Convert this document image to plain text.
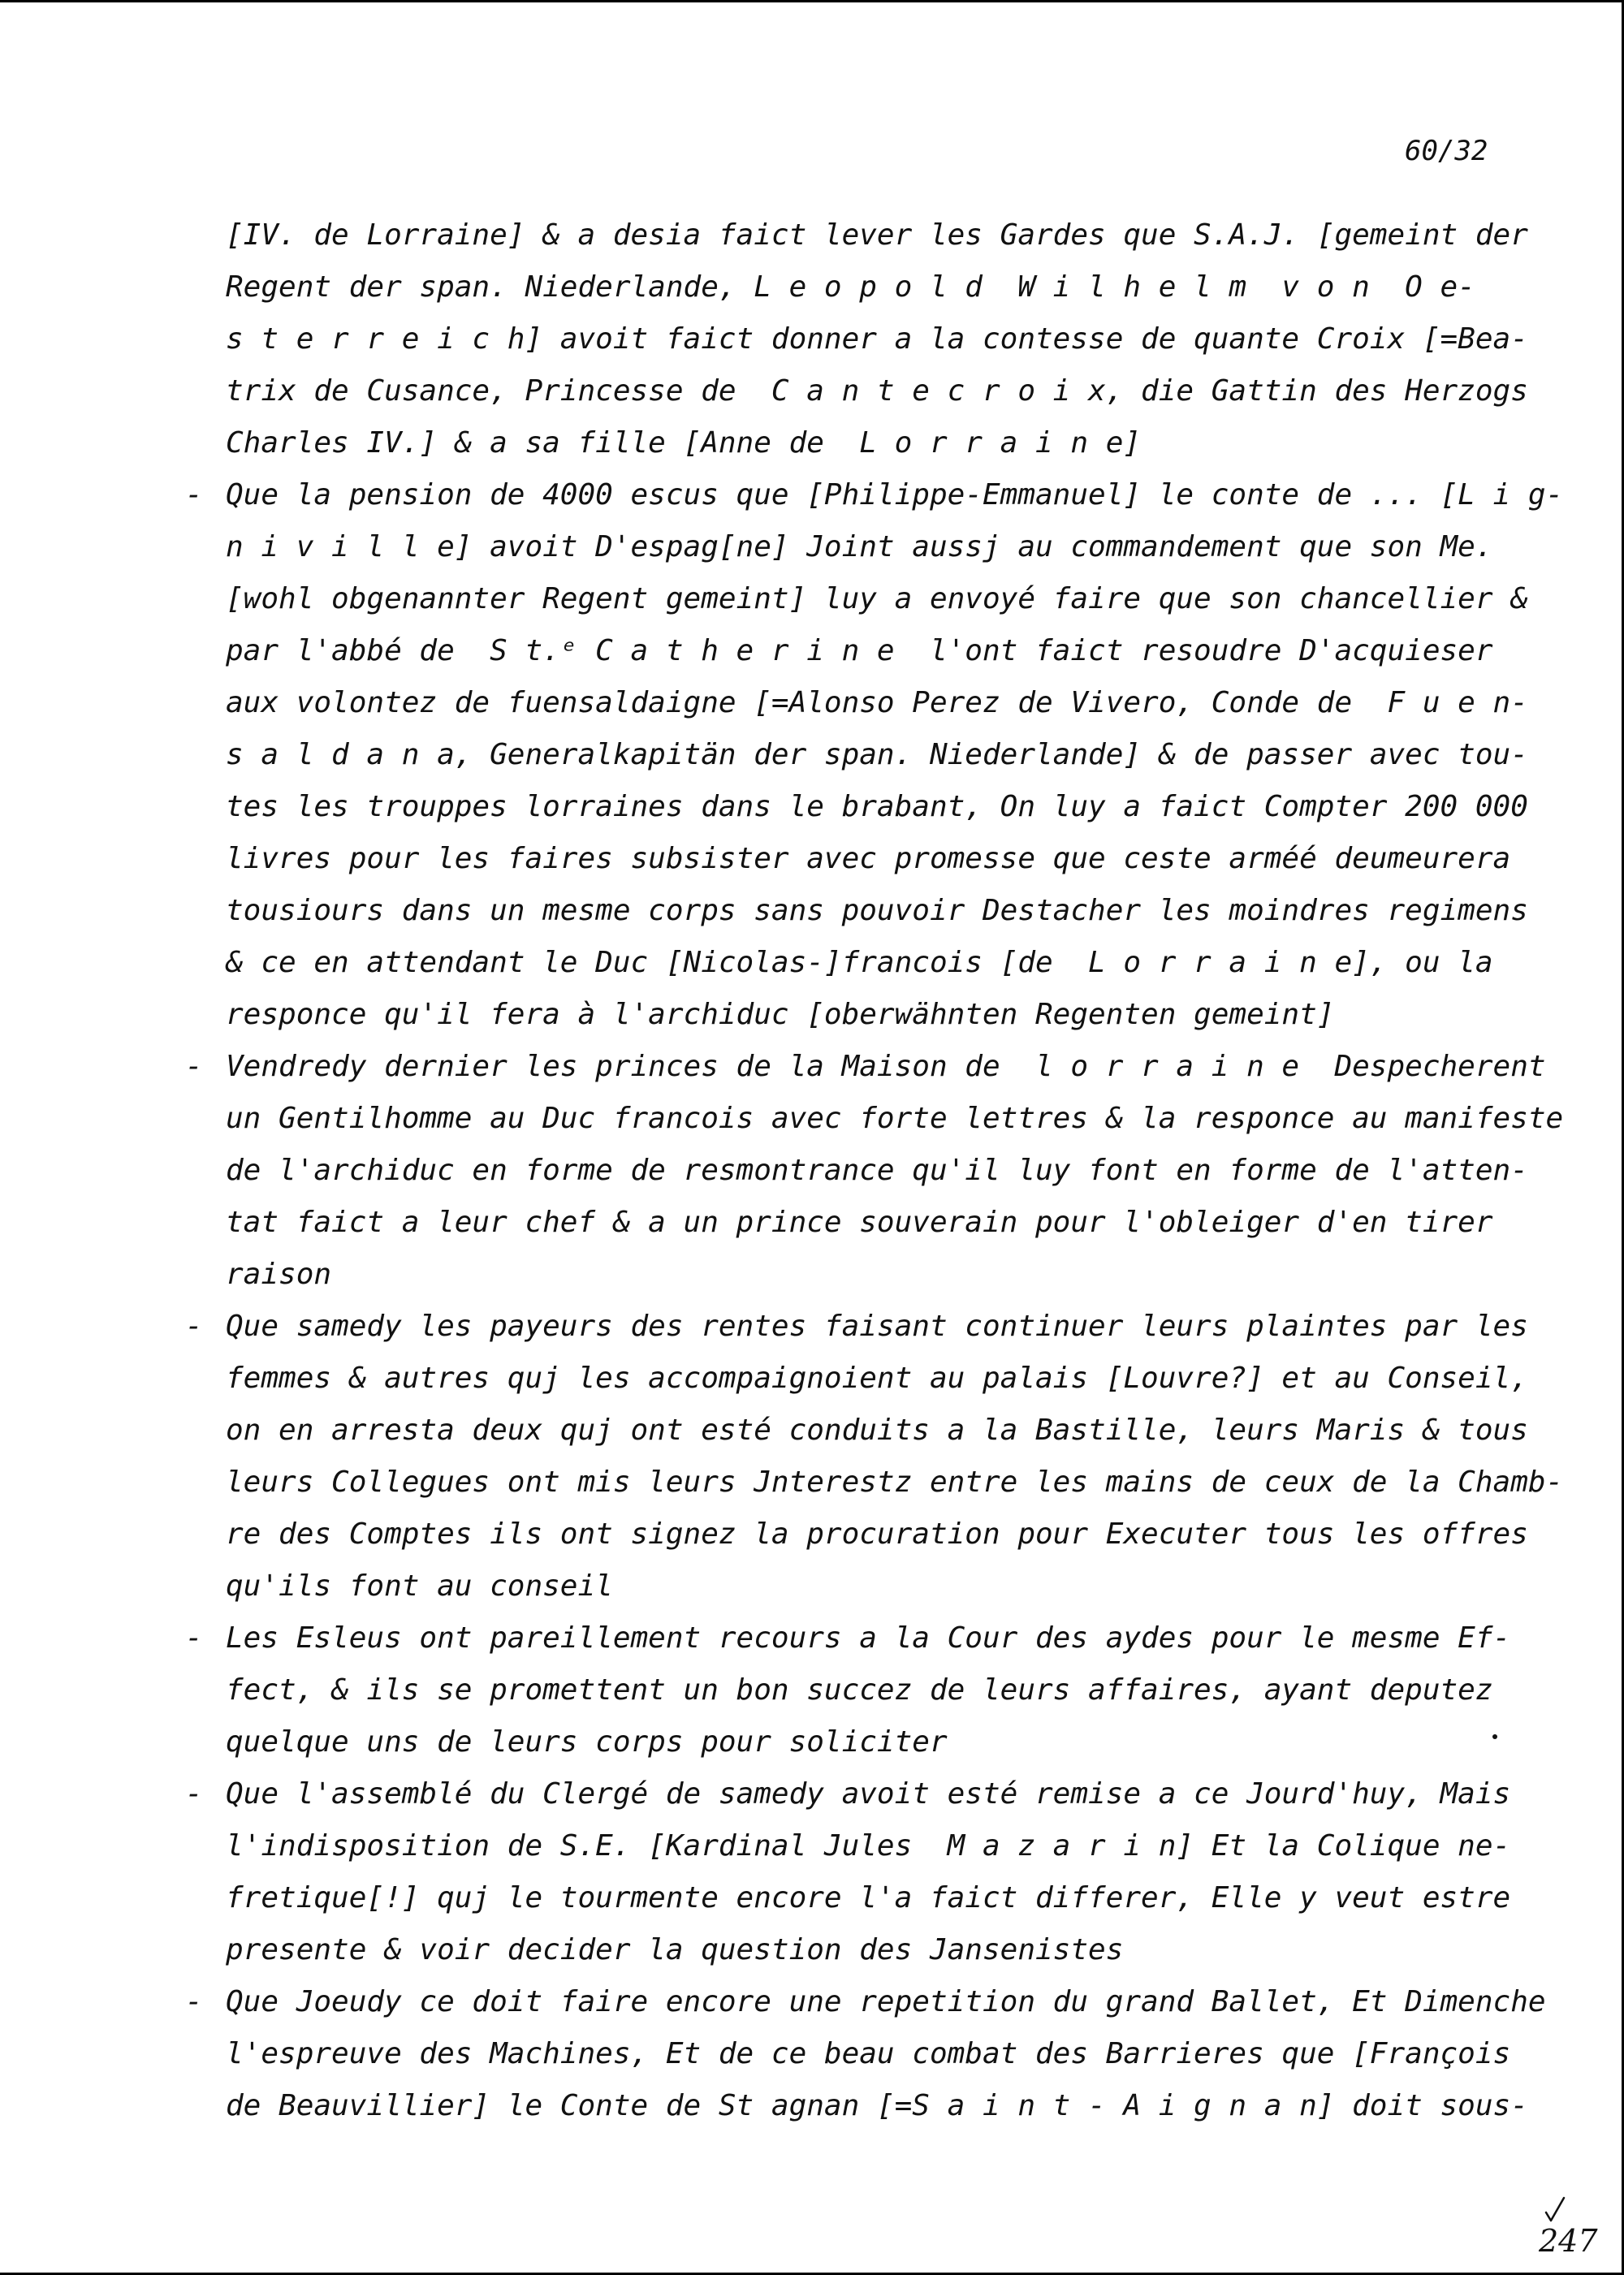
60/32
[IV. de Lorraine] & a desia faict lever les Gardes que S.A.J. [gemeint der
Regent der span. Niederlande, L e o p o l d  W i l h e l m  v o n  O e-
s t e r r e i c h] avoit faict donner a la contesse de quante Croix [=Bea-
trix de Cusance, Princesse de  C a n t e c r o i x, die Gattin des Herzogs
Charles IV.] & a sa fille [Anne de  L o r r a i n e]
- Que la pension de 4000 escus que [Philippe-Emmanuel] le conte de ... [L i g-
n i v i l l e] avoit D'espag[ne] Joint aussj au commandement que son Me.
[wohl obgenannter Regent gemeint] luy a envoyé faire que son chancellier &
par l'abbé de  S t.ᵉ C a t h e r i n e  l'ont faict resoudre D'acquieser
aux volontez de fuensaldaigne [=Alonso Perez de Vivero, Conde de  F u e n-
s a l d a n a, Generalkapitän der span. Niederlande] & de passer avec tou-
tes les trouppes lorraines dans le brabant, On luy a faict Compter 200 000
livres pour les faires subsister avec promesse que ceste arméé deumeurera
tousiours dans un mesme corps sans pouvoir Destacher les moindres regimens
& ce en attendant le Duc [Nicolas-]francois [de  L o r r a i n e], ou la
responce qu'il fera à l'archiduc [oberwähnten Regenten gemeint]
- Vendredy dernier les princes de la Maison de  l o r r a i n e  Despecherent
un Gentilhomme au Duc francois avec forte lettres & la responce au manifeste
de l'archiduc en forme de resmontrance qu'il luy font en forme de l'atten-
tat faict a leur chef & a un prince souverain pour l'obleiger d'en tirer
raison
- Que samedy les payeurs des rentes faisant continuer leurs plaintes par les
femmes & autres quj les accompaignoient au palais [Louvre?] et au Conseil,
on en arresta deux quj ont esté conduits a la Bastille, leurs Maris & tous
leurs Collegues ont mis leurs Jnterestz entre les mains de ceux de la Chamb-
re des Comptes ils ont signez la procuration pour Executer tous les offres
qu'ils font au conseil
- Les Esleus ont pareillement recours a la Cour des aydes pour le mesme Ef-
fect, & ils se promettent un bon succez de leurs affaires, ayant deputez
quelque uns de leurs corps pour soliciter
- Que l'assemblé du Clergé de samedy avoit esté remise a ce Jourd'huy, Mais
l'indisposition de S.E. [Kardinal Jules  M a z a r i n] Et la Colique ne-
fretique[!] quj le tourmente encore l'a faict differer, Elle y veut estre
presente & voir decider la question des Jansenistes
- Que Joeudy ce doit faire encore une repetition du grand Ballet, Et Dimenche
l'espreuve des Machines, Et de ce beau combat des Barrieres que [François
de Beauvillier] le Conte de St agnan [=S a i n t - A i g n a n] doit sous-
247
